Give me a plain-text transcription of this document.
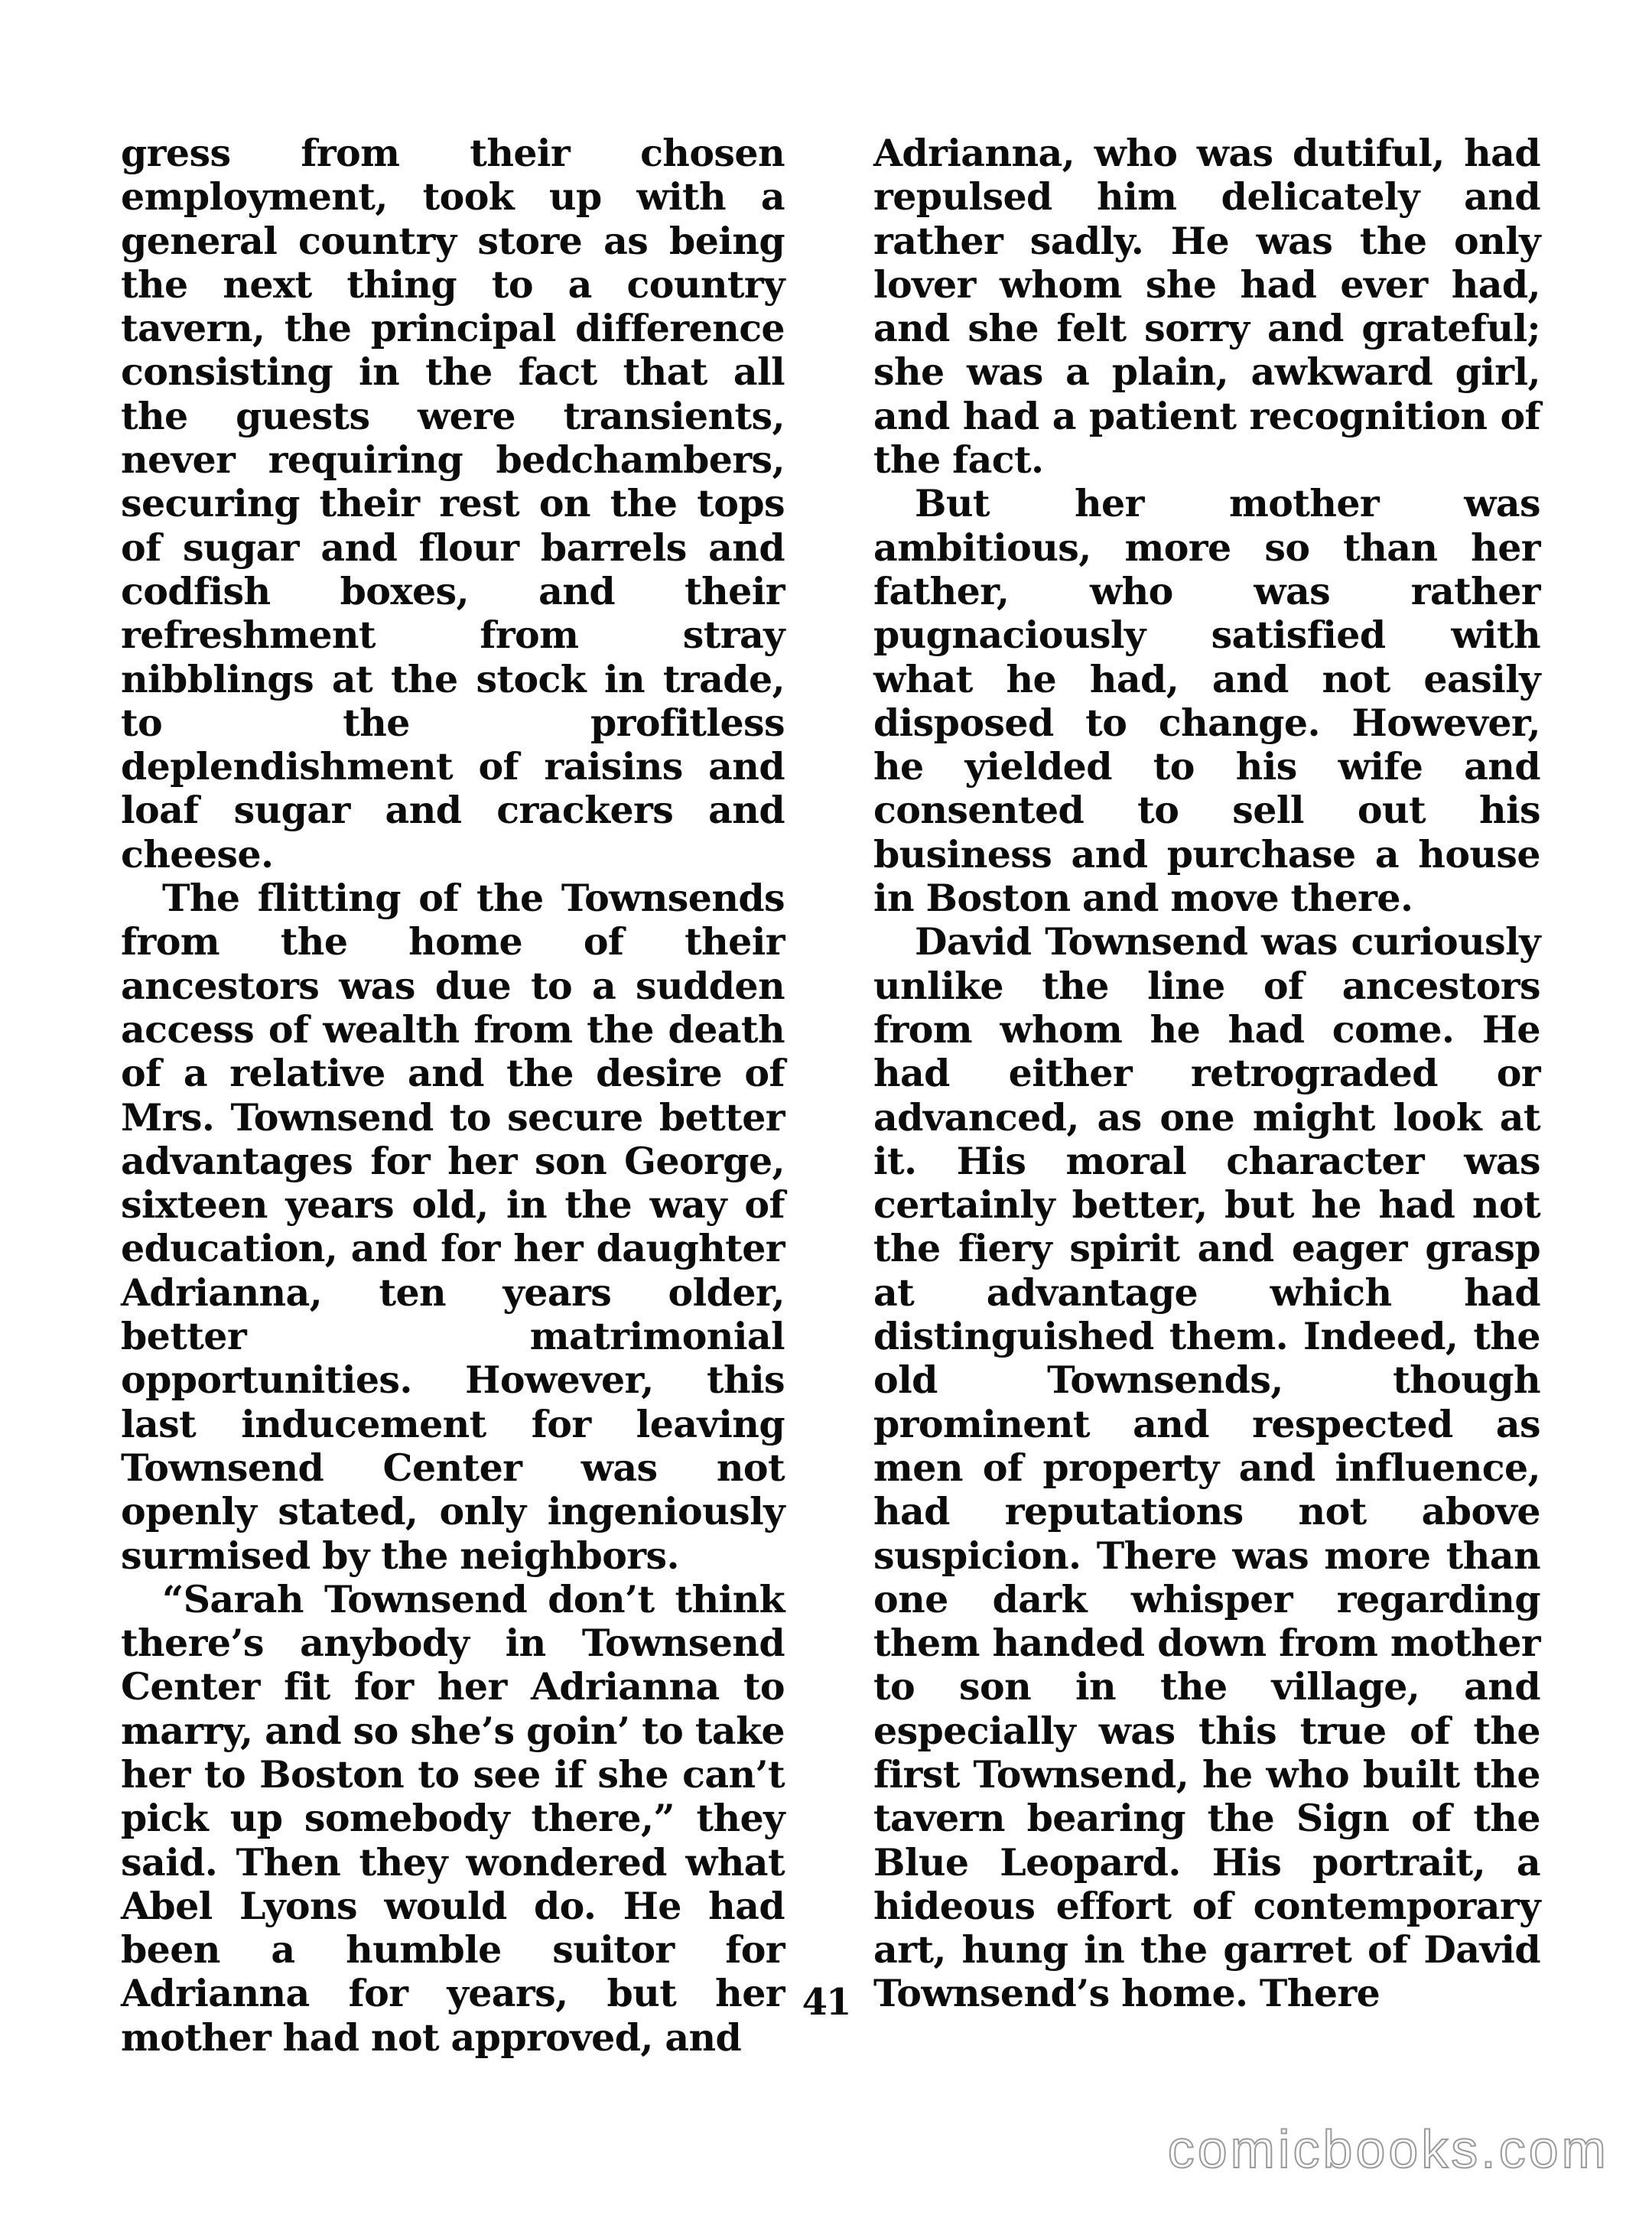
gress from their chosen employment, took up with a general country store as being the next thing to a country tavern, the principal difference consisting in the fact that all the guests were transients, never requiring bedchambers, securing their rest on the tops of sugar and flour barrels and codfish boxes, and their refreshment from stray nibblings at the stock in trade, to the profitless deplendishment of raisins and loaf sugar and crackers and cheese.

The flitting of the Townsends from the home of their ancestors was due to a sudden access of wealth from the death of a relative and the desire of Mrs. Townsend to secure better advantages for her son George, sixteen years old, in the way of education, and for her daughter Adrianna, ten years older, better matrimonial opportunities. However, this last inducement for leaving Townsend Center was not openly stated, only ingeniously surmised by the neighbors.

“Sarah Townsend don’t think there’s anybody in Townsend Center fit for her Adrianna to marry, and so she’s goin’ to take her to Boston to see if she can’t pick up somebody there,” they said. Then they wondered what Abel Lyons would do. He had been a humble suitor for Adrianna for years, but her mother had not approved, and

Adrianna, who was dutiful, had repulsed him delicately and rather sadly. He was the only lover whom she had ever had, and she felt sorry and grateful; she was a plain, awkward girl, and had a patient recognition of the fact.

But her mother was ambitious, more so than her father, who was rather pugnaciously satisfied with what he had, and not easily disposed to change. However, he yielded to his wife and consented to sell out his business and purchase a house in Boston and move there.

David Townsend was curiously unlike the line of ancestors from whom he had come. He had either retrograded or advanced, as one might look at it. His moral character was certainly better, but he had not the fiery spirit and eager grasp at advantage which had distinguished them. Indeed, the old Townsends, though prominent and respected as men of property and influence, had reputations not above suspicion. There was more than one dark whisper regarding them handed down from mother to son in the village, and especially was this true of the first Townsend, he who built the tavern bearing the Sign of the Blue Leopard. His portrait, a hideous effort of contemporary art, hung in the garret of David Townsend’s home. There

41
comicbooks.com
